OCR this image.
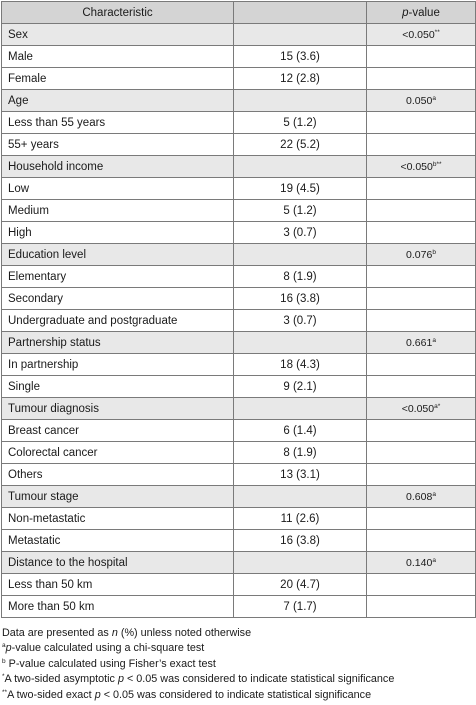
Characteristic		p-value
Sex		<0.050**
Male	15 (3.6)	
Female	12 (2.8)	
Age		0.050$^a$
Less than 55 years	5 (1.2)	
55+ years	22 (5.2)	
Household income		$<0.050^{b**}$
Low	19 (4.5)	
Medium	5 (1.2)	
High	3 (0.7)	
Education level		0.076$^b$
Elementary	8 (1.9)	
Secondary	16 (3.8)	
Undergraduate and postgraduate	3 (0.7)	
Partnership status		0.661$^a$
In partnership	18 (4.3)	
Single	9 (2.1)	
Tumour diagnosis		$<0.050^{a*}$
Breast cancer	6 (1.4)	
Colorectal cancer	8 (1.9)	
Others	13 (3.1)	
Tumour stage		0.608$^a$
Non-metastatic	11 (2.6)	
Metastatic	16 (3.8)	
Distance to the hospital		0.140$^a$
Less than 50 km	20 (4.7)	
More than 50 km	7 (1.7)	

Data are presented as n (%) unless noted otherwise

$^a$p-value calculated using a chi-square test

$^b$ P-value calculated using Fisher’s exact test

*A two-sided asymptotic p < 0.05 was considered to indicate statistical significance

**A two-sided exact p < 0.05 was considered to indicate statistical significance
